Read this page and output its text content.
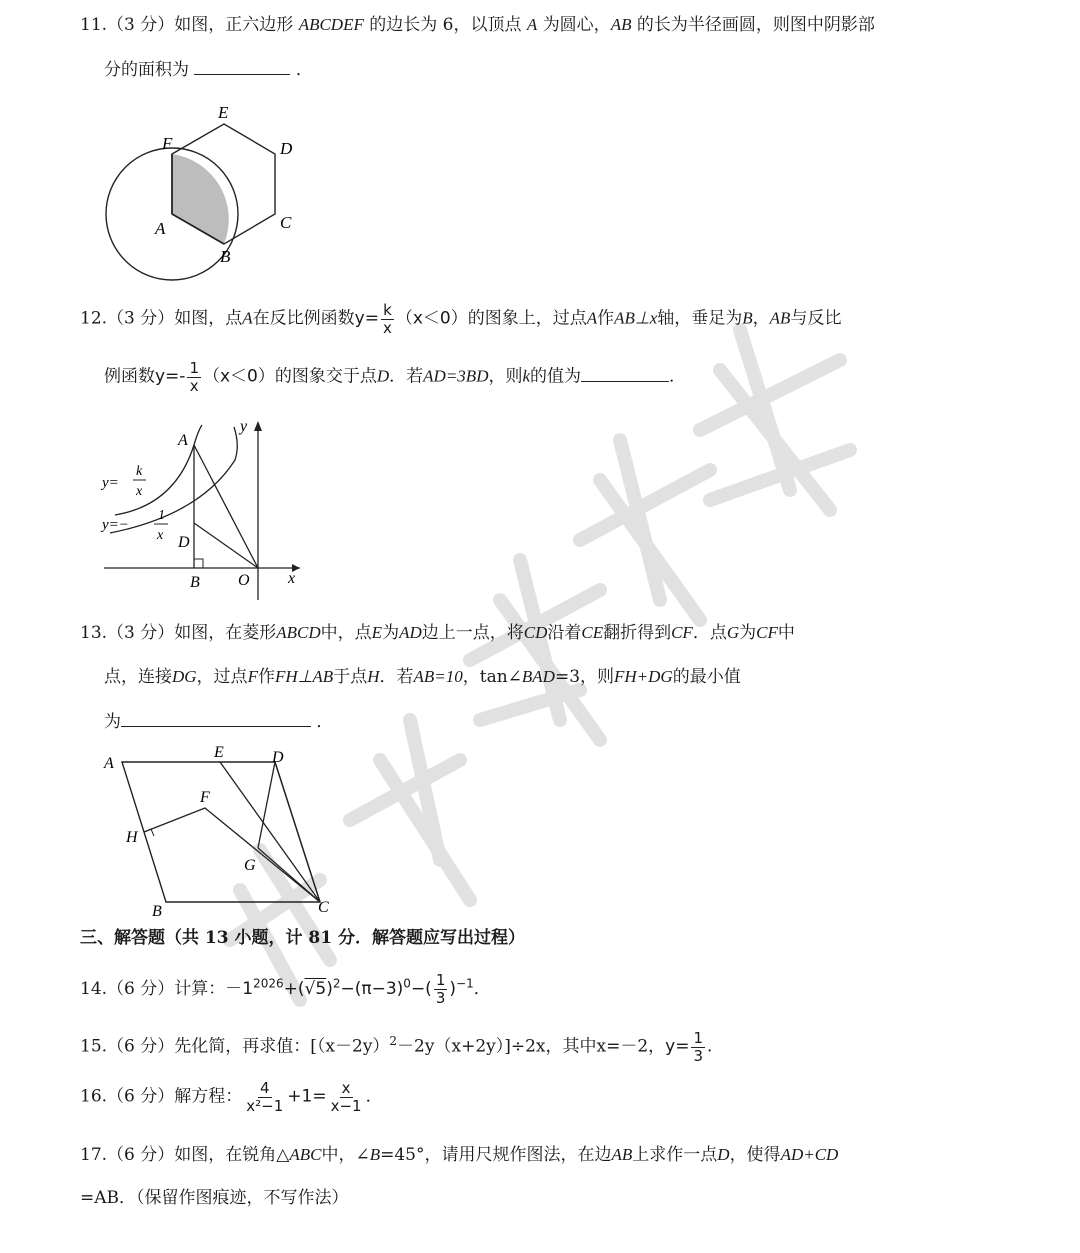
11.（3 分）如图，正六边形 ABCDEF 的边长为 6，以顶点 A 为圆心，AB 的长为半径画圆，则图中阴影部
分的面积为	．
E
F	D
A	C
B
12.（3 分）如图，点A在反比例函数$y= \frac{k}{x} (x<0)$的图象上，过点A作AB⊥x轴，垂足为B，AB与反比
例函数$y=- \frac{1}{x} (x<0)$的图象交于点D．若AD=3BD，则k的值为	．
A
y
y=
k
x
y=−
1
x D
B O x
13.（3 分）如图，在菱形ABCD中，点E为AD边上一点，将CD沿着CE翻折得到CF．点G为CF中
点，连接DG，过点F作FH⊥AB于点H．若AB=10，tan∠BAD=3，则FH+DG的最小值
为	．
A
E	D
F
H
G
B	C
三、解答题（共 13 小题，计 81 分．解答题应写出过程）
14.（6 分）计算：$-1^{2026}+(√5)^2-(\pi-3)^0-( \frac{1}{3} )^{-1}$．
15.（6 分）先化简，再求值：$[(x-2y)^2-2y(x+2y)]\div 2x$，其中x=－2，$y= \frac{1}{3}$ .
16.（6 分）解方程： $\frac{4}{\text{x²−1}} +1= \frac{x}{x-1}$ ．
17.（6 分）如图，在锐角△ABC中，∠B=45°，请用尺规作图法，在边AB上求作一点D，使得AD+CD
=AB．（保留作图痕迹，不写作法）
